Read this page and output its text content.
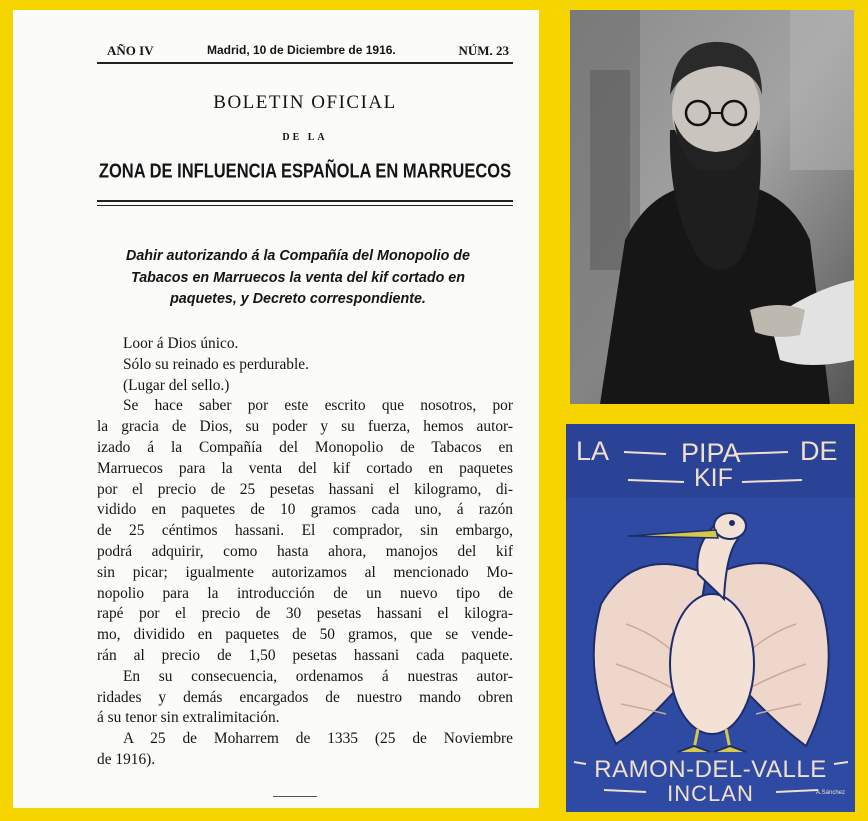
AÑO IV	Madrid, 10 de Diciembre de 1916.	NÚM. 23
BOLETIN OFICIAL
DE LA
ZONA DE INFLUENCIA ESPAÑOLA EN MARRUECOS
Dahir autorizando á la Compañía del Monopolio de
Tabacos en Marruecos la venta del kif cortado en
paquetes, y Decreto correspondiente.

Loor á Dios único.

Sólo su reinado es perdurable.

(Lugar del sello.)

Se hace saber por este escrito que nosotros, por

la gracia de Dios, su poder y su fuerza, hemos autor-

izado á la Compañía del Monopolio de Tabacos en

Marruecos para la venta del kif cortado en paquetes

por el precio de 25 pesetas hassani el kilogramo, di-

vidido en paquetes de 10 gramos cada uno, á razón

de 25 céntimos hassani. El comprador, sin embargo,

podrá adquirir, como hasta ahora, manojos del kif

sin picar; igualmente autorizamos al mencionado Mo-

nopolio para la introducción de un nuevo tipo de

rapé por el precio de 30 pesetas hassani el kilogra-

mo, dividido en paquetes de 50 gramos, que se vende-

rán al precio de 1,50 pesetas hassani cada paquete.

En su consecuencia, ordenamos á nuestras autor-

ridades y demás encargados de nuestro mando obren

á su tenor sin extralimitación.

A 25 de Moharrem de 1335 (25 de Noviembre

de 1916).

LA	PIPA DE
KIF
RAMON-DEL-VALLE
INCLAN	A.Sánchez
